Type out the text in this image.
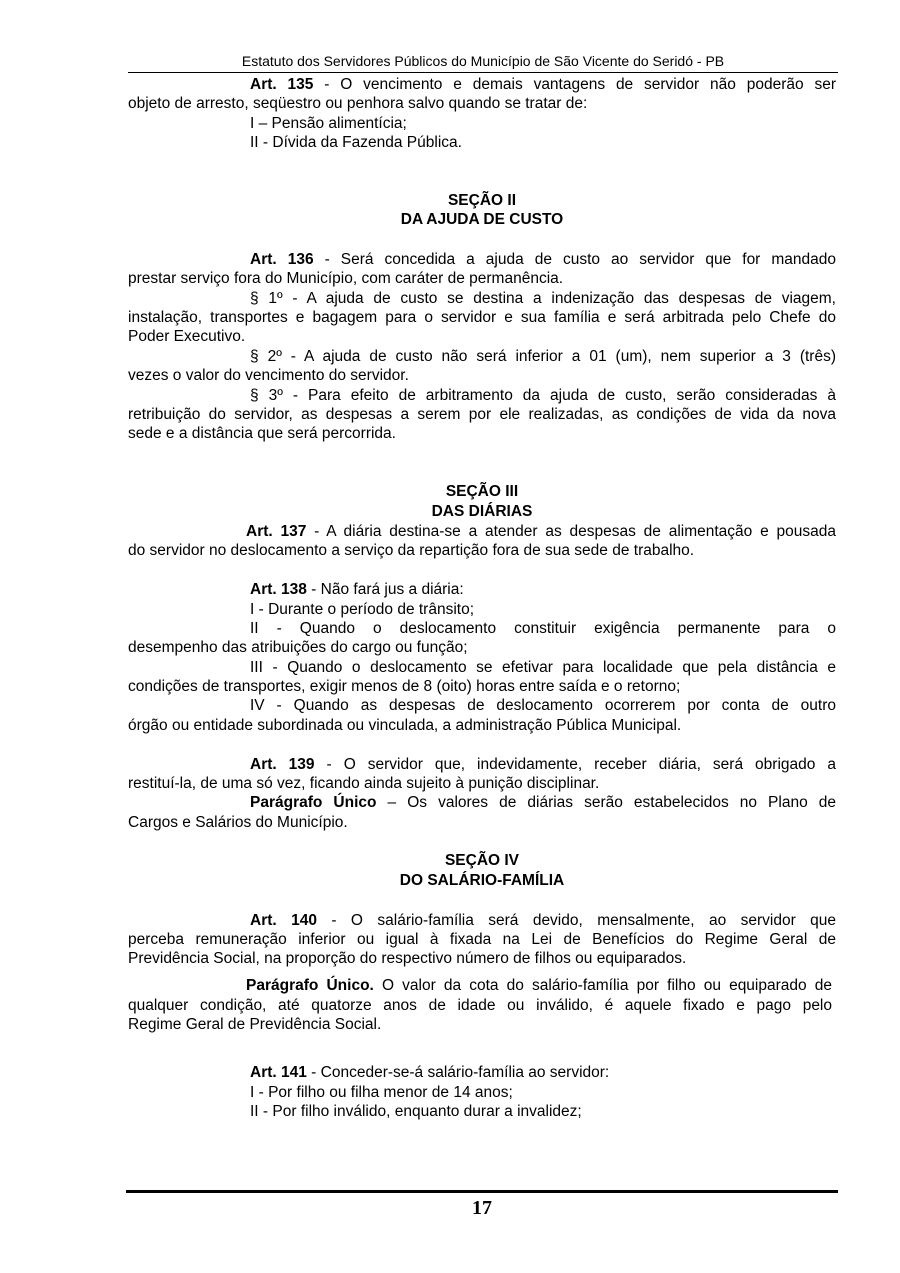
Estatuto dos Servidores Públicos do Município de São Vicente do Seridó - PB
Art. 135 - O vencimento e demais vantagens de servidor não poderão ser
objeto de arresto, seqüestro ou penhora salvo quando se tratar de:
I – Pensão alimentícia;
II - Dívida da Fazenda Pública.
SEÇÃO II
DA AJUDA DE CUSTO
Art. 136 - Será concedida a ajuda de custo ao servidor que for mandado
prestar serviço fora do Município, com caráter de permanência.
§ 1º - A ajuda de custo se destina a indenização das despesas de viagem,
instalação, transportes e bagagem para o servidor e sua família e será arbitrada pelo Chefe do
Poder Executivo.
§ 2º - A ajuda de custo não será inferior a 01 (um), nem superior a 3 (três)
vezes o valor do vencimento do servidor.
§ 3º - Para efeito de arbitramento da ajuda de custo, serão consideradas à
retribuição do servidor, as despesas a serem por ele realizadas, as condições de vida da nova
sede e a distância que será percorrida.
SEÇÃO III
DAS DIÁRIAS
Art. 137 - A diária destina-se a atender as despesas de alimentação e pousada
do servidor no deslocamento a serviço da repartição fora de sua sede de trabalho.
Art. 138 - Não fará jus a diária:
I - Durante o período de trânsito;
II - Quando o deslocamento constituir exigência permanente para o
desempenho das atribuições do cargo ou função;
III - Quando o deslocamento se efetivar para localidade que pela distância e
condições de transportes, exigir menos de 8 (oito) horas entre saída e o retorno;
IV - Quando as despesas de deslocamento ocorrerem por conta de outro
órgão ou entidade subordinada ou vinculada, a administração Pública Municipal.
Art. 139 - O servidor que, indevidamente, receber diária, será obrigado a
restituí-la, de uma só vez, ficando ainda sujeito à punição disciplinar.
Parágrafo Único – Os valores de diárias serão estabelecidos no Plano de
Cargos e Salários do Município.
SEÇÃO IV
DO SALÁRIO-FAMÍLIA
Art. 140 - O salário-família será devido, mensalmente, ao servidor que
perceba remuneração inferior ou igual à fixada na Lei de Benefícios do Regime Geral de
Previdência Social, na proporção do respectivo número de filhos ou equiparados.
Parágrafo Único. O valor da cota do salário-família por filho ou equiparado de
qualquer condição, até quatorze anos de idade ou inválido, é aquele fixado e pago pelo
Regime Geral de Previdência Social.
Art. 141 - Conceder-se-á salário-família ao servidor:
I - Por filho ou filha menor de 14 anos;
II - Por filho inválido, enquanto durar a invalidez;
17
